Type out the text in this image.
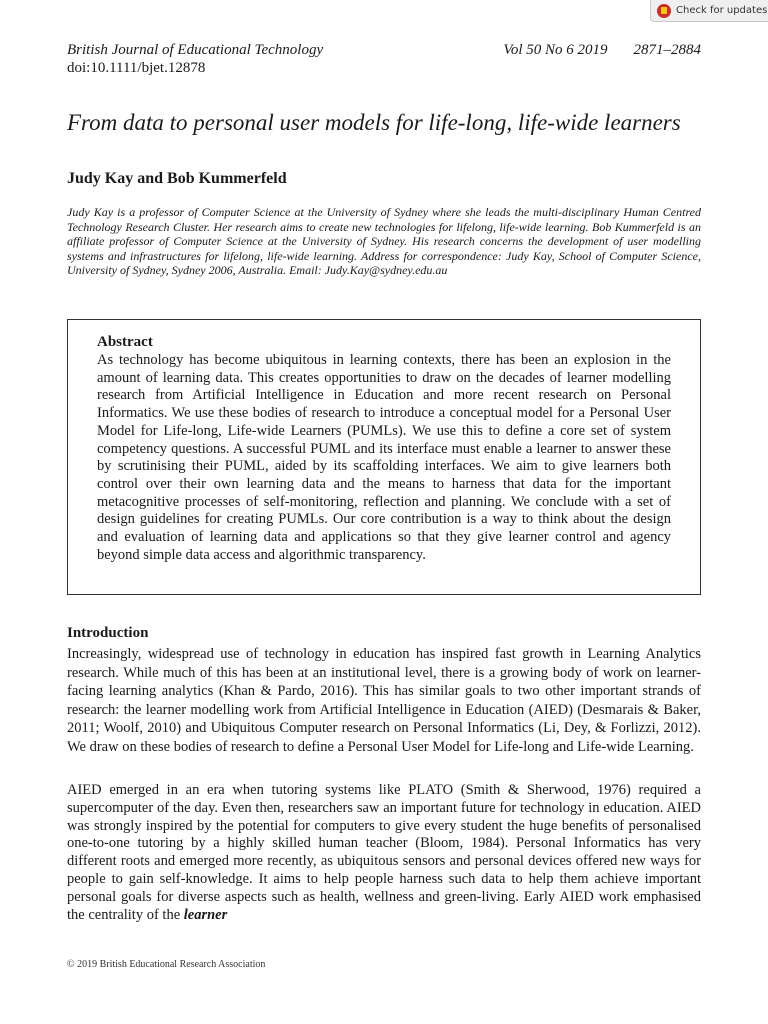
Check for updates
British Journal of Educational Technology	Vol 50 No 6 2019 2871–2884
doi:10.1111/bjet.12878
From data to personal user models for life-long, life-wide learners
Judy Kay and Bob Kummerfeld

Judy Kay is a professor of Computer Science at the University of Sydney where she leads the multi-disciplinary Human Centred Technology Research Cluster. Her research aims to create new technologies for lifelong, life-wide learning. Bob Kummerfeld is an affiliate professor of Computer Science at the University of Sydney. His research concerns the development of user modelling systems and infrastructures for lifelong, life-wide learning. Address for correspondence: Judy Kay, School of Computer Science, University of Sydney, Sydney 2006, Australia. Email: Judy.Kay@sydney.edu.au

Abstract

As technology has become ubiquitous in learning contexts, there has been an explosion in the amount of learning data. This creates opportunities to draw on the decades of learner modelling research from Artificial Intelligence in Education and more recent research on Personal Informatics. We use these bodies of research to introduce a conceptual model for a Personal User Model for Life-long, Life-wide Learners (PUMLs). We use this to define a core set of system competency questions. A successful PUML and its interface must enable a learner to answer these by scrutinising their PUML, aided by its scaffolding interfaces. We aim to give learners both control over their own learning data and the means to harness that data for the important metacognitive processes of self-monitoring, reflection and planning. We conclude with a set of design guidelines for creating PUMLs. Our core contribution is a way to think about the design and evaluation of learning data and applications so that they give learner control and agency beyond simple data access and algorithmic transparency.

Introduction

Increasingly, widespread use of technology in education has inspired fast growth in Learning Analytics research. While much of this has been at an institutional level, there is a growing body of work on learner-facing learning analytics (Khan & Pardo, 2016). This has similar goals to two other important strands of research: the learner modelling work from Artificial Intelligence in Education (AIED) (Desmarais & Baker, 2011; Woolf, 2010) and Ubiquitous Computer research on Personal Informatics (Li, Dey, & Forlizzi, 2012). We draw on these bodies of research to define a Personal User Model for Life-long and Life-wide Learning.

AIED emerged in an era when tutoring systems like PLATO (Smith & Sherwood, 1976) required a supercomputer of the day. Even then, researchers saw an important future for technology in education. AIED was strongly inspired by the potential for computers to give every student the huge benefits of personalised one-to-one tutoring by a highly skilled human teacher (Bloom, 1984). Personal Informatics has very different roots and emerged more recently, as ubiquitous sensors and personal devices offered new ways for people to gain self-knowledge. It aims to help people harness such data to help them achieve important personal goals for diverse aspects such as health, wellness and green-living. Early AIED work emphasised the centrality of the learner

© 2019 British Educational Research Association
